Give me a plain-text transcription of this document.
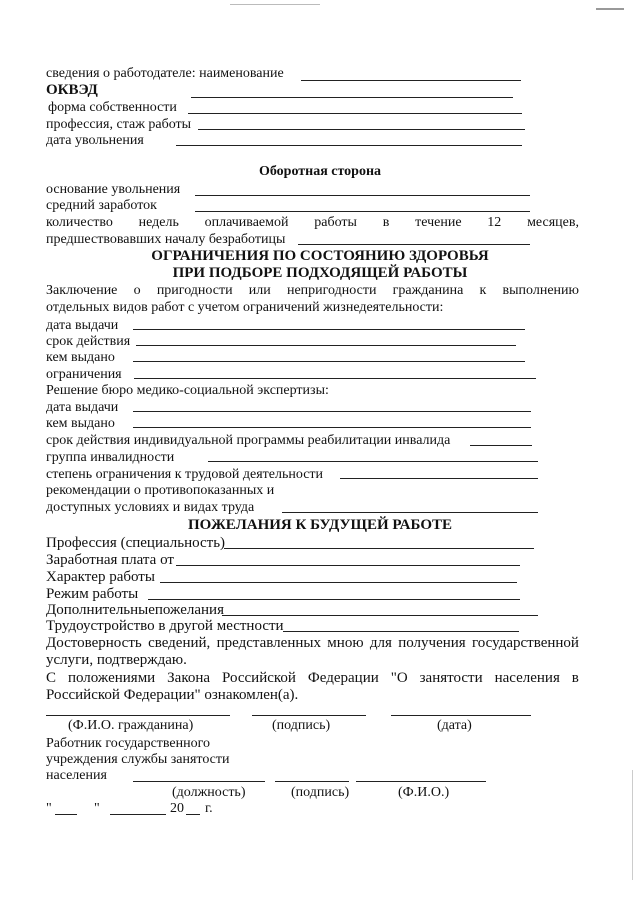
сведения о работодателе: наименование
ОКВЭД
форма собственности
профессия, стаж работы
дата увольнения
Оборотная сторона
основание увольнения
средний заработок
количество недель оплачиваемой работы в течение 12 месяцев,
предшествовавших началу безработицы
ОГРАНИЧЕНИЯ ПО СОСТОЯНИЮ ЗДОРОВЬЯ
ПРИ ПОДБОРЕ ПОДХОДЯЩЕЙ РАБОТЫ
Заключение о пригодности или непригодности гражданина к выполнению
отдельных видов работ с учетом ограничений жизнедеятельности:
дата выдачи
срок действия
кем выдано
ограничения
Решение бюро медико-социальной экспертизы:
дата выдачи
кем выдано
срок действия индивидуальной программы реабилитации инвалида
группа инвалидности
степень ограничения к трудовой деятельности
рекомендации о противопоказанных и
доступных условиях и видах труда
ПОЖЕЛАНИЯ К БУДУЩЕЙ РАБОТЕ
Профессия (специальность)
Заработная плата от
Характер работы
Режим работы
Дополнительныепожелания
Трудоустройство в другой местности
Достоверность сведений, представленных мною для получения государственной
услуги, подтверждаю.
С положениями Закона Российской Федерации "О занятости населения в
Российской Федерации" ознакомлен(а).
(Ф.И.О. гражданина)	(подпись)	(дата)
Работник государственного
учреждения службы занятости
населения
(должность)	(подпись)	(Ф.И.О.)
"	"	20 г.
